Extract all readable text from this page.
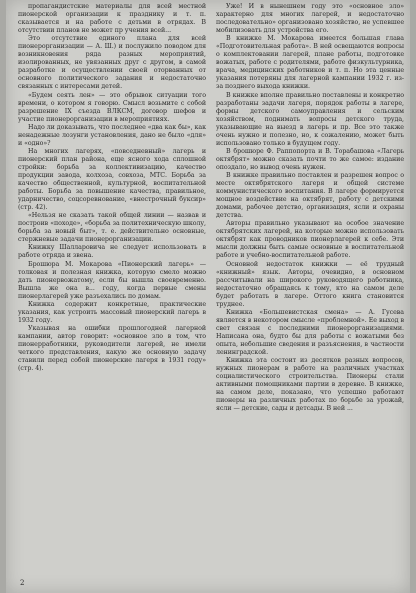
пропагандистские материалы для всей местной пионерской организации к празднику и т. п. сказывается и на работе с детьми в отрядах. В отсутствии планов не может пр учения всей...

Это отсутствие единого плана для всей пионерорганизации — А. Ш.) и послужило поводом для возникновения ряда разных мероприятий, изолированных, не увязанных друг с другом, в самой разработке и осуществлении своей оторванных от основного политического задания и недостаточно связанных с интересами детей.

«Будем сеять лен» — это обрывок ситуации того времени, о котором я говорю. Смысл возьмите с собой разрешение IX съезда ВЛКСМ, договор шефов и участие пионерорганизации в мероприятиях.

Надо ли доказывать, что последнее «два как бы», как ненадежные лозунги установления, дано не было «для» и «одно»?

На многих лагерях, «повседневный» лагерь и пионерский план района, еще ясного хода сплошной стройки: борьба за коллективизацию, качество продукции завода, колхоза, совхоза, МТС. Борьба за качество общественной, культурной, воспитательной работы. Борьба за повышение качества, правильное, ударничество, соцсоревнование, «внестрочный буксир» (стр. 42).

«Нельзя не сказать такой общей линии — назвав и построив «походе», «борьба за политехническую школу, борьба за новый быт», т. е. действительно основные, стержневые задачи пионерорганизации.

Книжку Шалларовича не следует использовать в работе отряда и звена.

Брошюра М. Мокарова «Пионерский лагерь» — толковая и полезная книжка, которую смело можно дать пионервожатому, если бы вышла своевременно. Вышла же она в... году, когда первые смены пионерлагерей уже разъехались по домам.

Книжка содержит конкретные, практические указания, как устроить массовый пионерский лагерь в 1932 году.

Указывая на ошибки прошлогодней лагерной кампании, автор говорит: «основное зло в том, что пионерработники, руководители лагерей, не имели четкого представления, какую же основную задачу ставили перед собой пионерские лагеря в 1931 году» (стр. 4).

Уже! И в нынешнем году это «основное зло» характерно для многих лагерей, и недостаточно последовательно» организовано хозяйство, не успевшее мобилизовать для устройства его.

В книжке М. Мокарова имеется большая глава «Подготовительная работа». В ней освещаются вопросы о комплектовании лагерей, плане работы, подготовке вожатых, работе с родителями, работе физкультурника, врача, медицинских работников и т. п. Но эта ценные указания потеряны для лагерной кампании 1932 г. из-за позднего выхода книжки.

В книжке вполне правильно поставлены и конкретно разработаны задачи лагеря, порядок работы в лагере, формы детского самоуправления и сельским хозяйством, поднимать вопросы детского труда, указывающие на выезд в лагерь и пр. Все это также очень нужно и полезно, но, к сожалению, может быть использовано только в будущем году.

В брошюре Ф. Раппопорта и В. Торабашова «Лагерь октябрят» можно сказать почти то же самое: издание опоздало, но вывод очень нужен.

В книжке правильно поставлен и разрешен вопрос о месте октябрятского лагеря и общей системе коммунистического воспитания. В лагере формируется мощное воздействие на октябрят, работу с детскими домами, рабочее детство, организация, ясли и охраны детства.

Авторы правильно указывают на особое значение октябрятских лагерей, на которые можно использовать октябрят как проводников пионерлагерей к себе. Эти мысли должны быть самые основные в воспитательной работе и учебно-воспитательной работе.

Основной недостаток книжки — её трудный «книжный» язык. Авторы, очевидно, в основном рассчитывали на широкого руководящего работника, недостаточно обращаясь к тому, кто на самом деле будет работать в лагере. Оттого книга становится труднее.

Книжка «Большевистская смена» — А. Гусева является в некотором смысле «проблемной». Ее выход в свет связан с последними пионерорганизациями. Написана она, будто бы для работы с вожатыми без опыта, небольшие сведения и разъяснения, в частности ленинградской.

Книжка эта состоит из десятков разных вопросов, нужных пионерам в работе на различных участках социалистического строительства. Пионеры стали активными помощниками партии в деревне. В книжке, на самом деле, показано, что успешно работают пионеры на различных работах по борьбе за урожай, ясли — детские, сады и детсады. В ней ...

2
